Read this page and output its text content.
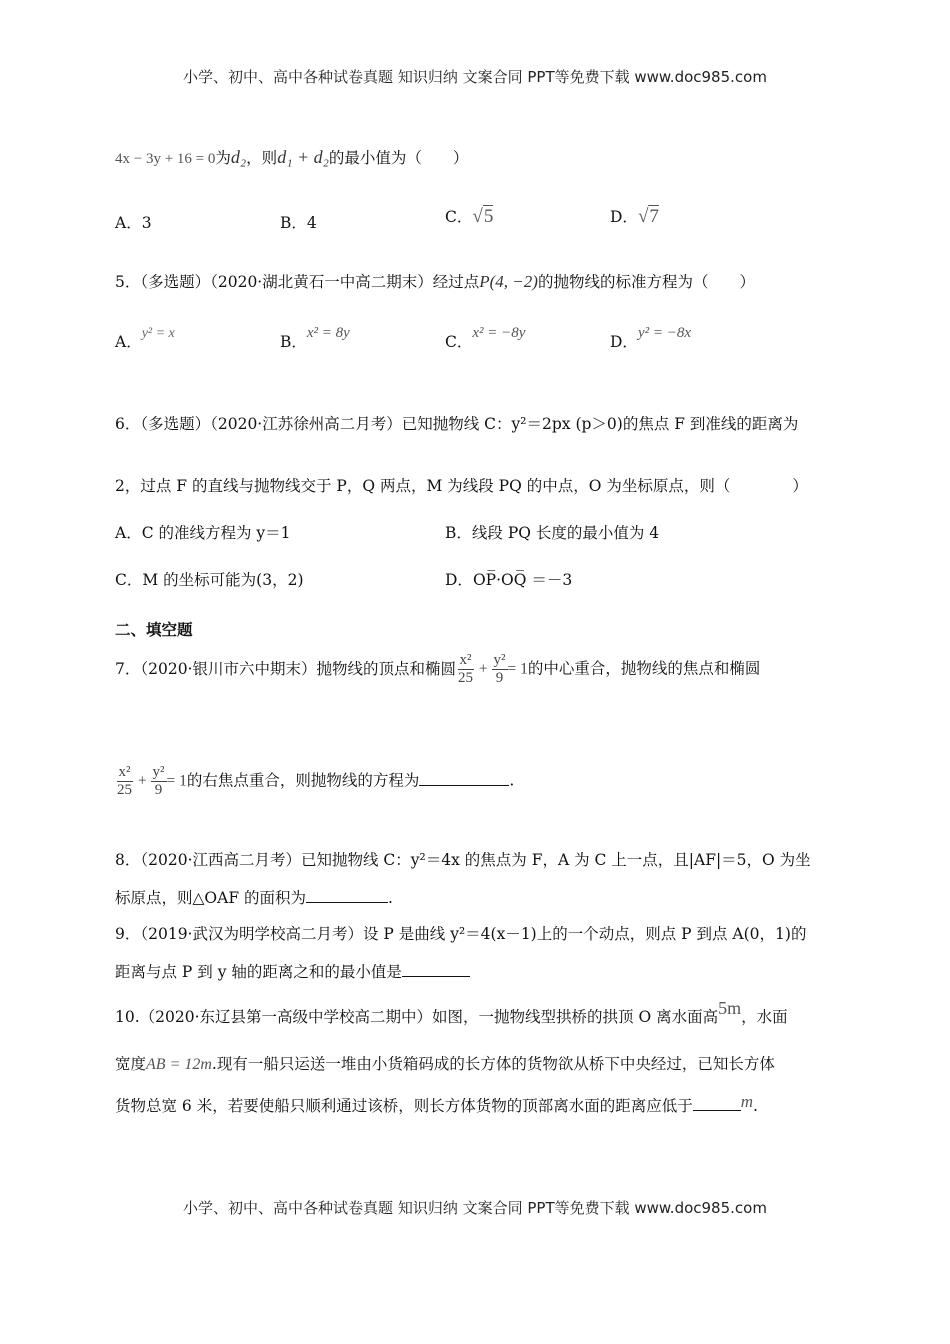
小学、初中、高中各种试卷真题 知识归纳 文案合同 PPT等免费下载 www.doc985.com
4x − 3y + 16 = 0为d₂，则d₁ + d₂的最小值为（　　）
A．3	B．4	C．√5	D．√7
5．（多选题）（2020·湖北黄石一中高二期末）经过点P(4, −2)的抛物线的标准方程为（　　）
A．y² = x	B．x² = 8y	C．x² = −8y	D．y² = −8x
6．（多选题）（2020·江苏徐州高二月考）已知抛物线 C：y²＝2px (p＞0)的焦点 F 到准线的距离为
2，过点 F 的直线与抛物线交于 P，Q 两点，M 为线段 PQ 的中点，O 为坐标原点，则（　　　　）
A．C 的准线方程为 y＝1	B．线段 PQ 长度的最小值为 4
C．M 的坐标可能为(3，2)	D．OP̅·OQ̅ ＝－3
二、填空题
7．（2020·银川市六中期末）抛物线的顶点和椭圆 $\frac{\text{x²}}{25} + \frac{\text{y²}}{9} = 1$的中心重合，抛物线的焦点和椭圆
$\frac{\text{x²}}{25} + \frac{\text{y²}}{9} = 1$的右焦点重合，则抛物线的方程为	.
8．（2020·江西高二月考）已知抛物线 C：y²＝4x 的焦点为 F，A 为 C 上一点，且|AF|＝5，O 为坐
标原点，则△OAF 的面积为	.
9．（2019·武汉为明学校高二月考）设 P 是曲线 y²＝4(x－1)上的一个动点，则点 P 到点 A(0，1)的
距离与点 P 到 y 轴的距离之和的最小值是
10.（2020·东辽县第一高级中学校高二期中）如图，一抛物线型拱桥的拱顶 O 离水面高5m，水面
宽度AB = 12m.现有一船只运送一堆由小货箱码成的长方体的货物欲从桥下中央经过，已知长方体
货物总宽 6 米，若要使船只顺利通过该桥，则长方体货物的顶部离水面的距离应低于	m.
小学、初中、高中各种试卷真题 知识归纳 文案合同 PPT等免费下载 www.doc985.com
